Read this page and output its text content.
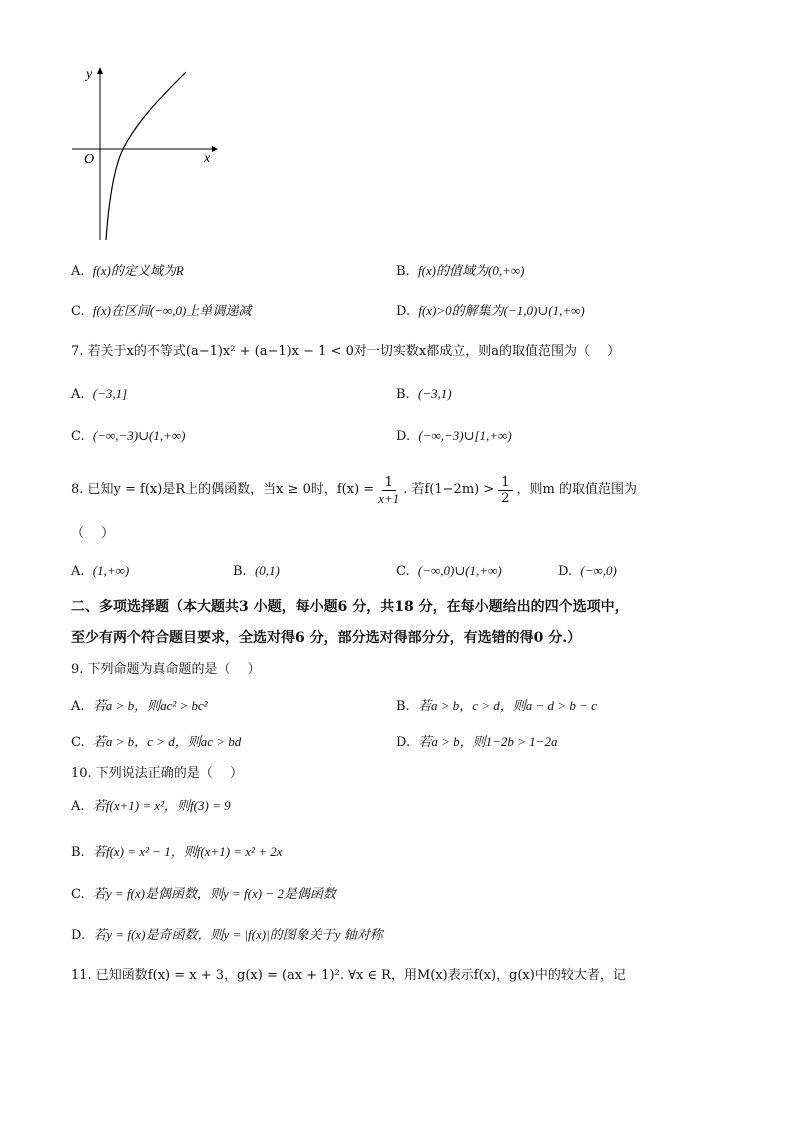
y
x
O
A. f(x)的定义域为R	B. f(x)的值域为(0,+∞)
C. f(x)在区间(−∞,0)上单调递减	D. f(x)>0的解集为(−1,0)∪(1,+∞)
7. 若关于x的不等式(a−1)x² + (a−1)x − 1 < 0对一切实数x都成立，则a的取值范围为（　 ）
A. (−3,1]	B. (−3,1)
C. (−∞,−3)∪(1,+∞)	D. (−∞,−3)∪[1,+∞)
8. 已知y = f(x)是R上的偶函数，当x ≥ 0时，$f(x) = \frac{1}{x+1}$ . 若f(1−2m) > 1
2
，则m 的取值范围为
（　 ）
A. (1,+∞)	B. (0,1)	C. (−∞,0)∪(1,+∞)	D. (−∞,0)
二、多项选择题（本大题共3 小题，每小题6 分，共18 分，在每小题给出的四个选项中，
至少有两个符合题目要求，全选对得6 分，部分选对得部分分，有选错的得0 分.）
9. 下列命题为真命题的是（　 ）
A. 若a > b，则ac² > bc²	B. 若a > b，c > d，则a − d > b − c
C. 若a > b，c > d，则ac > bd	D. 若a > b，则1−2b > 1−2a
10. 下列说法正确的是（　 ）
A. 若f(x+1) = x²，则f(3) = 9
B. 若f(x) = x² − 1，则f(x+1) = x² + 2x
C. 若y = f(x)是偶函数，则y = f(x) − 2是偶函数
D. 若y = f(x)是奇函数，则y = |f(x)|的图象关于y 轴对称
11. 已知函数f(x) = x + 3，g(x) = (ax + 1)². ∀x ∈ R，用M(x)表示f(x)，g(x)中的较大者，记
